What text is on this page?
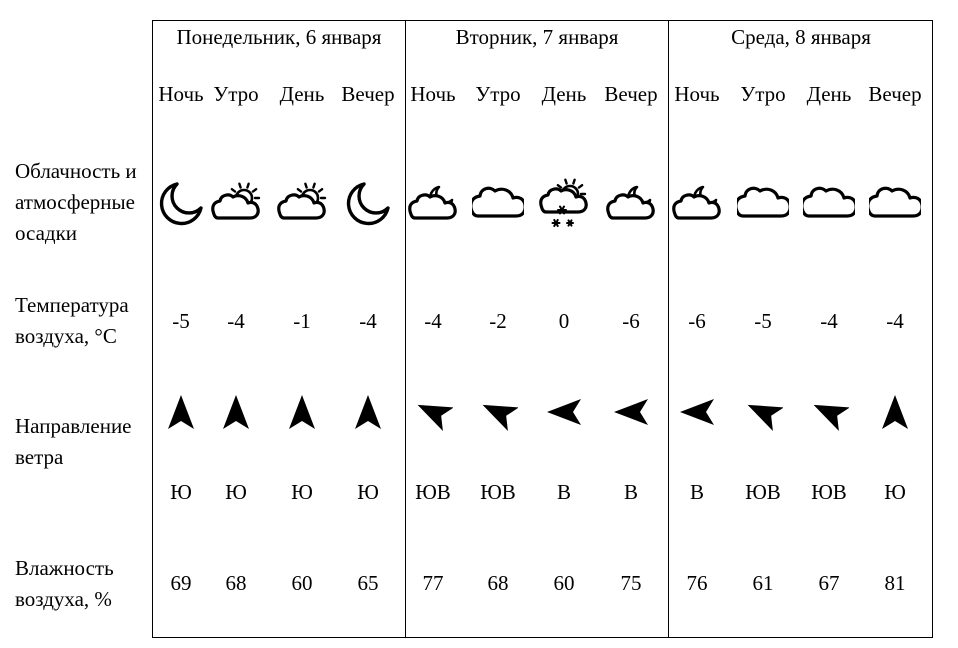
Облачность и
атмосферные
осадки
Температура
воздуха, °C
Направление
ветра
Влажность
воздуха, %
Понедельник, 6 января	Вторник, 7 января	Среда, 8 января
Ночь
-5
Ю
69
Утро
-4
Ю
68
День
-1
Ю
60
Вечер
-4
Ю
65
Ночь
-4
ЮВ
77
Утро
-2
ЮВ
68
День
0
В
60
Вечер
-6
В
75
Ночь
-6
В
76
Утро
-5
ЮВ
61
День
-4
ЮВ
67
Вечер
-4
Ю
81
